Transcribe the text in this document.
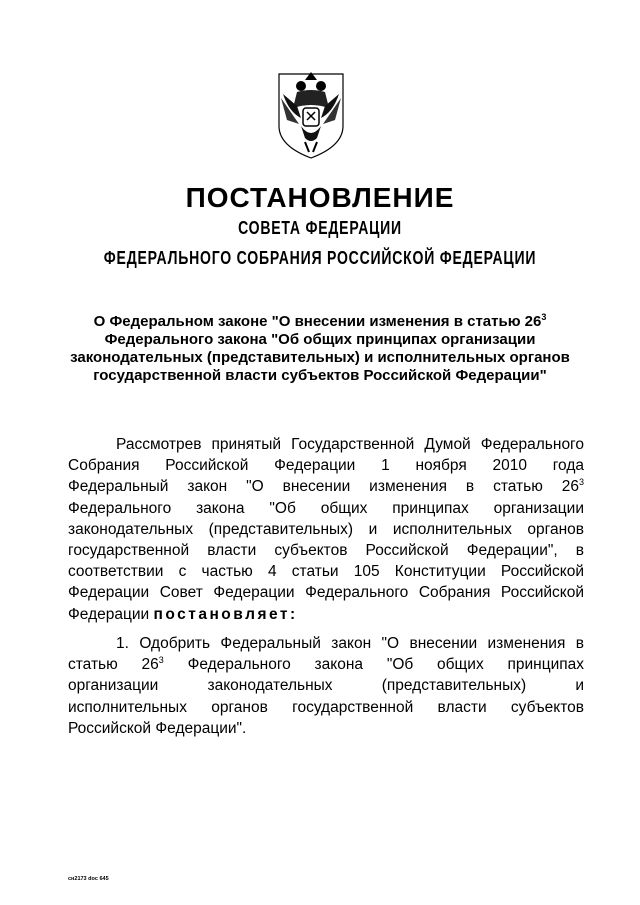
ПОСТАНОВЛЕНИЕ
СОВЕТА ФЕДЕРАЦИИ
ФЕДЕРАЛЬНОГО СОБРАНИЯ РОССИЙСКОЙ ФЕДЕРАЦИИ
О Федеральном законе "О внесении изменения в статью $26^3$
Федерального закона "Об общих принципах организации
законодательных (представительных) и исполнительных органов
государственной власти субъектов Российской Федерации"
Рассмотрев принятый Государственной Думой Федерального
Собрания Российской Федерации 1 ноября 2010 года
Федеральный закон "О внесении изменения в статью $26^3$
Федерального закона "Об общих принципах организации
законодательных (представительных) и исполнительных органов
государственной власти субъектов Российской Федерации", в
соответствии с частью 4 статьи 105 Конституции Российской
Федерации Совет Федерации Федерального Собрания Российской
Федерации постановляет:
1. Одобрить Федеральный закон "О внесении изменения в
статью $26^3$ Федерального закона "Об общих принципах
организации законодательных (представительных) и
исполнительных органов государственной власти субъектов
Российской Федерации".
сн2173 doc 645
